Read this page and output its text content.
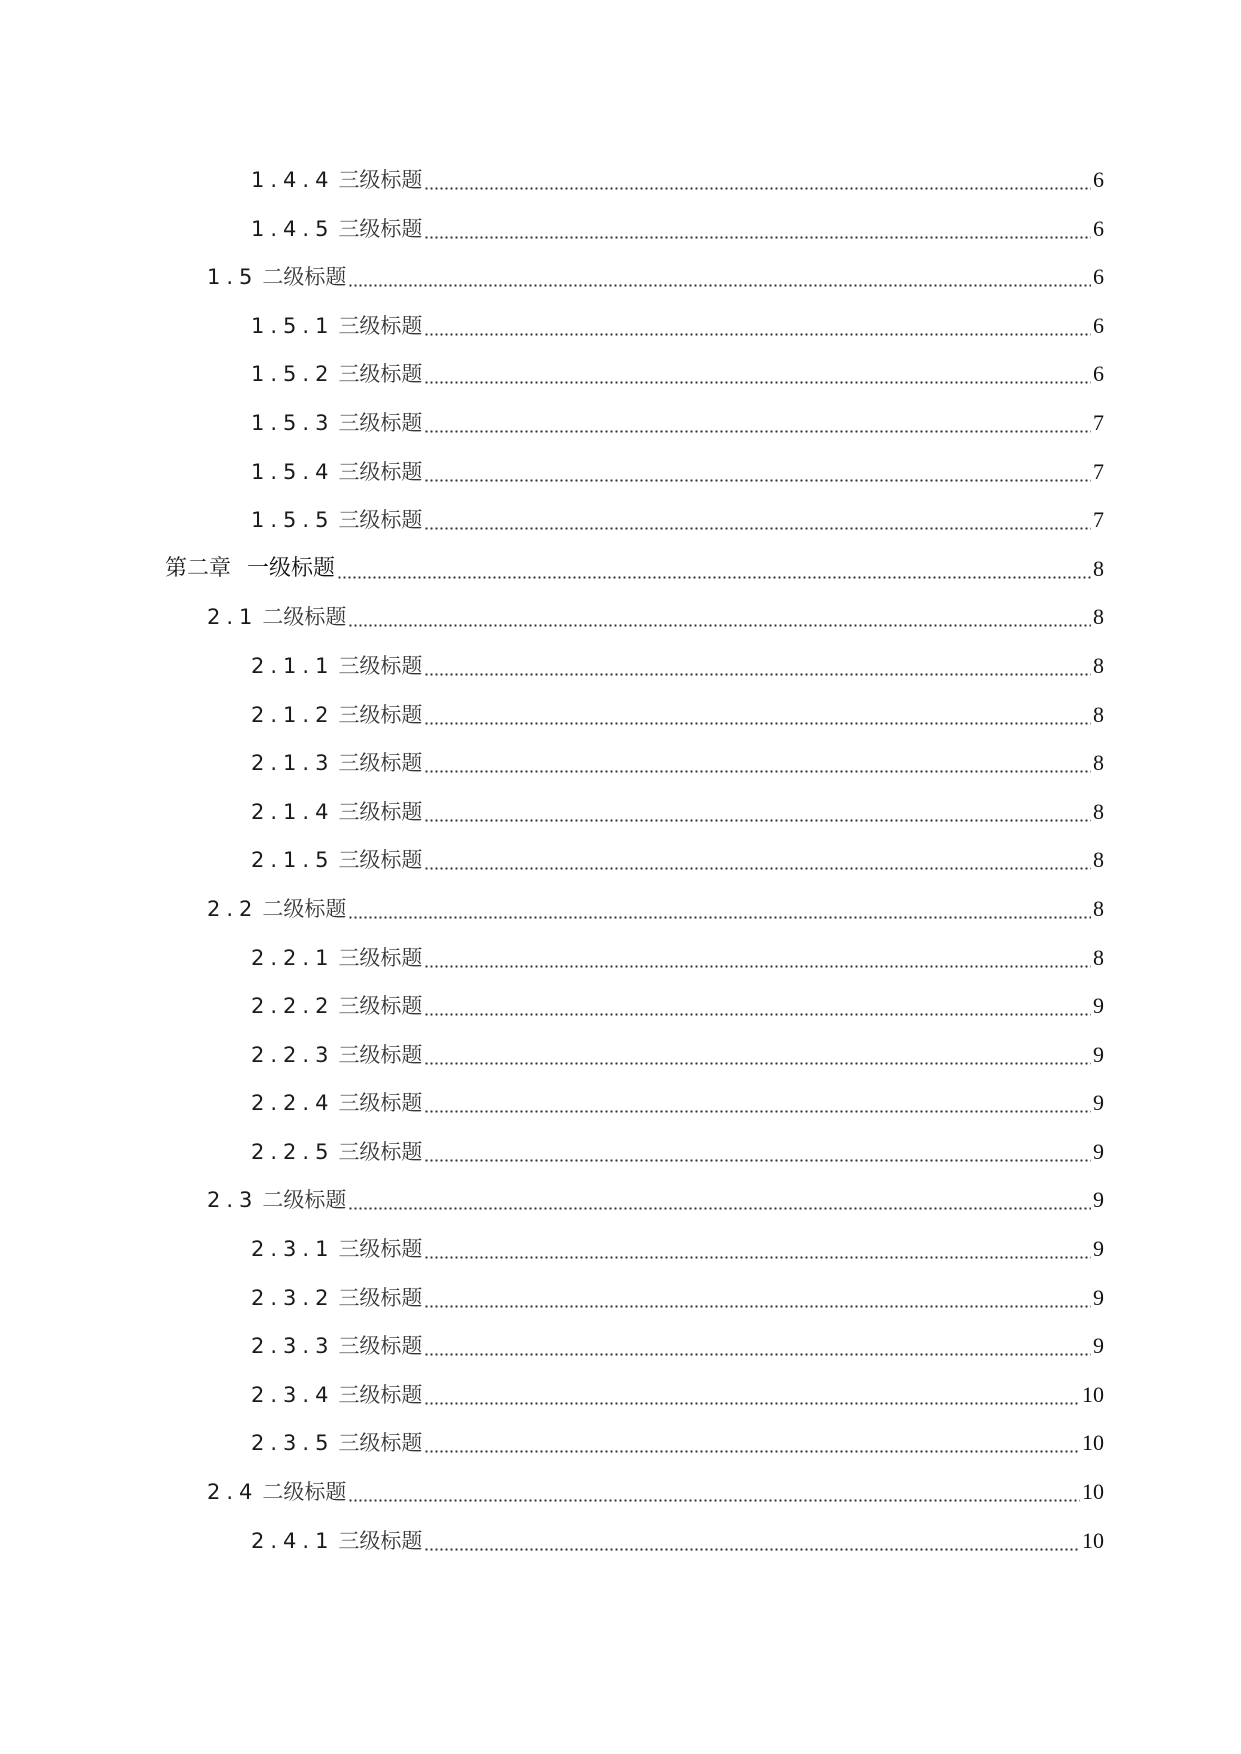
1.4.4 三级标题	6
1.4.5 三级标题	6
1.5 二级标题	6
1.5.1 三级标题	6
1.5.2 三级标题	6
1.5.3 三级标题	7
1.5.4 三级标题	7
1.5.5 三级标题	7
第二章 一级标题	8
2.1 二级标题	8
2.1.1 三级标题	8
2.1.2 三级标题	8
2.1.3 三级标题	8
2.1.4 三级标题	8
2.1.5 三级标题	8
2.2 二级标题	8
2.2.1 三级标题	8
2.2.2 三级标题	9
2.2.3 三级标题	9
2.2.4 三级标题	9
2.2.5 三级标题	9
2.3 二级标题	9
2.3.1 三级标题	9
2.3.2 三级标题	9
2.3.3 三级标题	9
2.3.4 三级标题	10
2.3.5 三级标题	10
2.4 二级标题	10
2.4.1 三级标题	10
